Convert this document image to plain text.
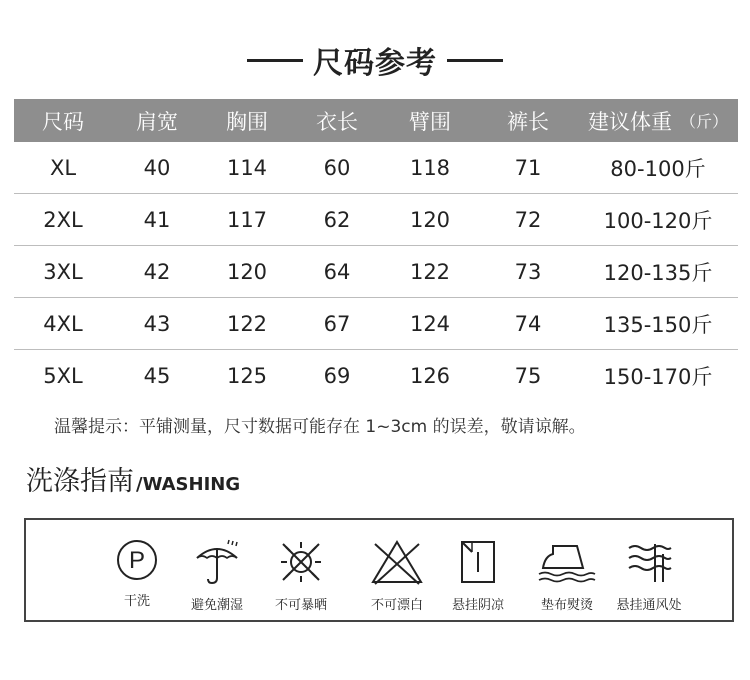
尺码参考
尺码	肩宽	胸围	衣长	臂围	裤长	建议体重 （斤）
XL	40	114	60	118	71	80-100斤
2XL	41	117	62	120	72	100-120斤
3XL	42	120	64	122	73	120-135斤
4XL	43	122	67	124	74	135-150斤
5XL	45	125	69	126	75	150-170斤
温馨提示：平铺测量，尺寸数据可能存在 1~3cm 的误差，敬请谅解。
洗涤指南 /WASHING
P
干洗	避免潮湿 不可暴晒	不可漂白 悬挂阴凉	垫布熨烫 悬挂通风处
